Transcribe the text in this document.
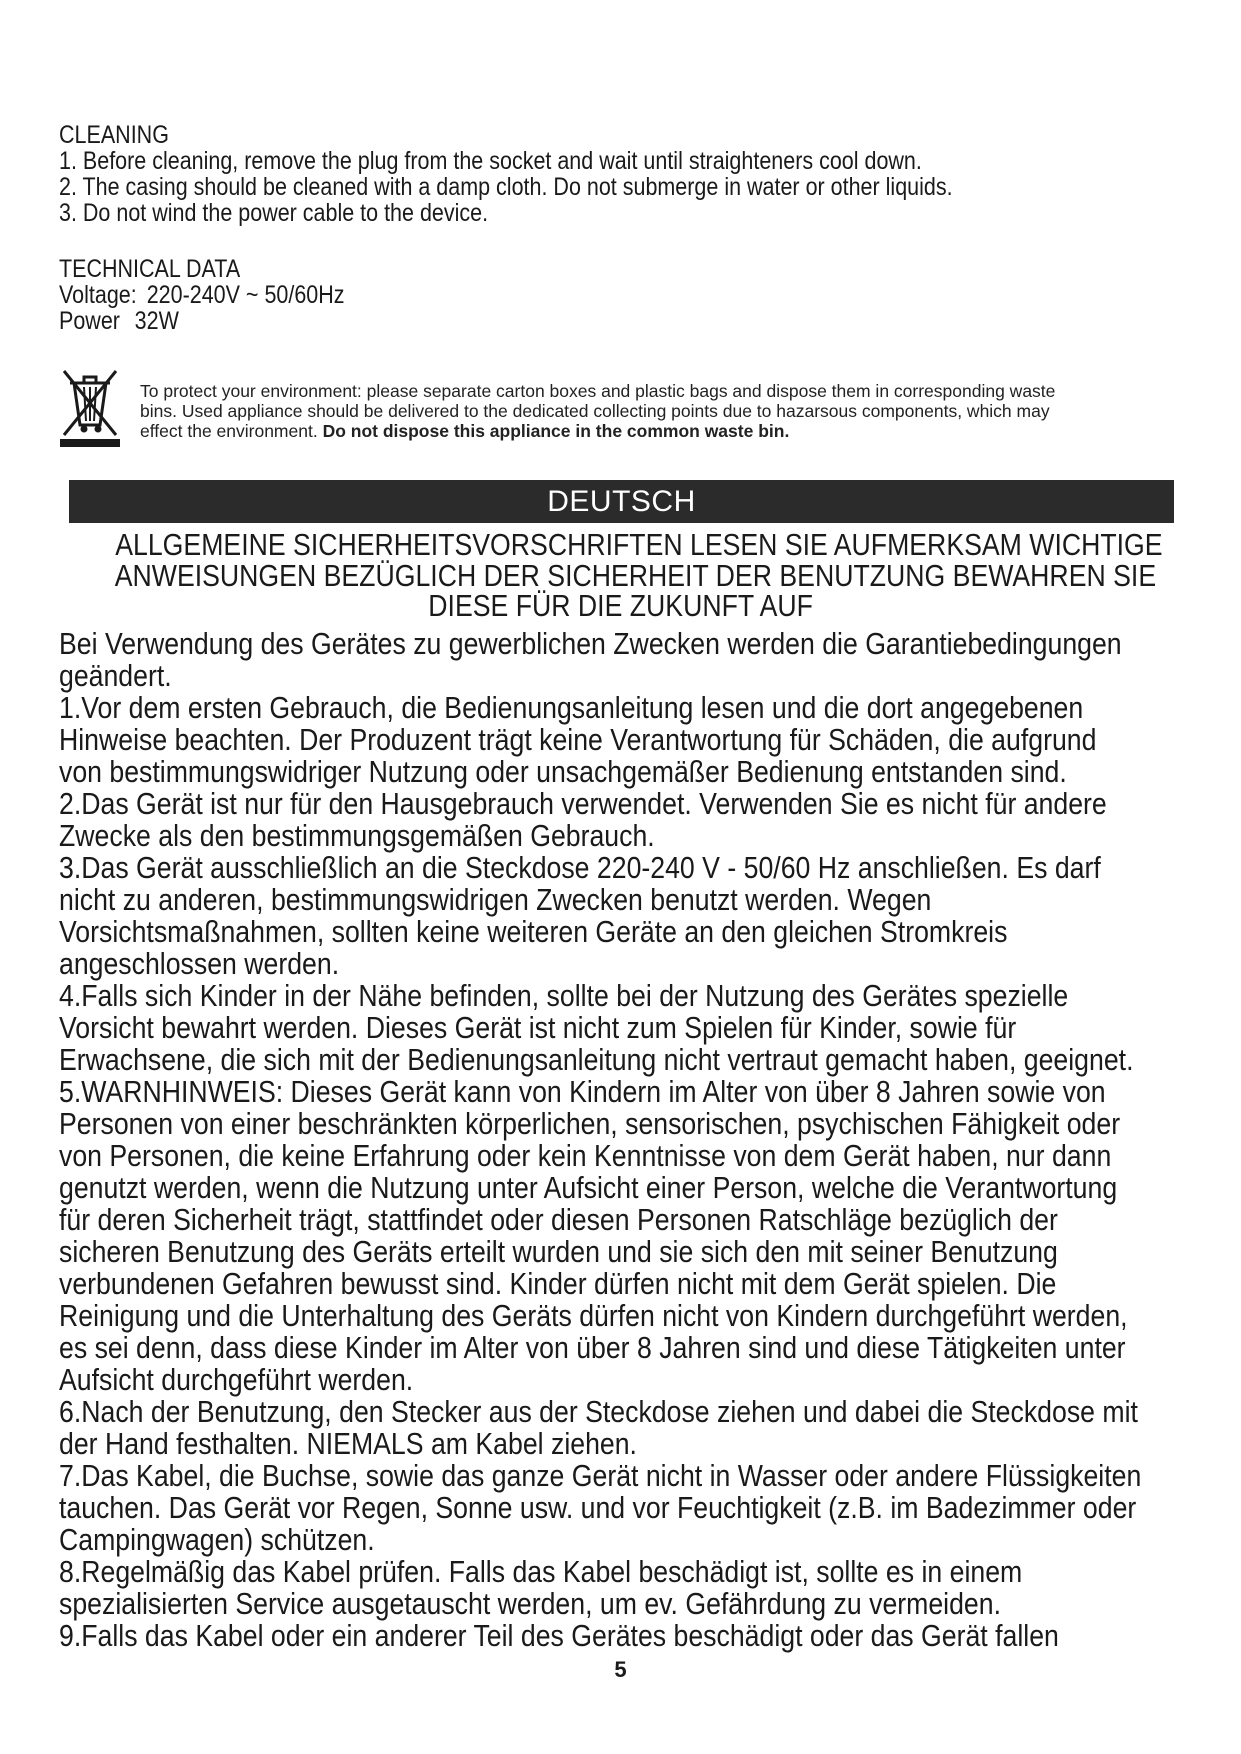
CLEANING
1. Before cleaning, remove the plug from the socket and wait until straighteners cool down.
2. The casing should be cleaned with a damp cloth. Do not submerge in water or other liquids.
3. Do not wind the power cable to the device.
TECHNICAL DATA
Voltage: 220-240V ~ 50/60Hz
Power 32W
To protect your environment: please separate carton boxes and plastic bags and dispose them in corresponding waste
bins. Used appliance should be delivered to the dedicated collecting points due to hazarsous components, which may
effect the environment. Do not dispose this appliance in the common waste bin.
DEUTSCH
ALLGEMEINE SICHERHEITSVORSCHRIFTEN LESEN SIE AUFMERKSAM WICHTIGE
ANWEISUNGEN BEZÜGLICH DER SICHERHEIT DER BENUTZUNG BEWAHREN SIE
DIESE FÜR DIE ZUKUNFT AUF
Bei Verwendung des Gerätes zu gewerblichen Zwecken werden die Garantiebedingungen
geändert.
1.Vor dem ersten Gebrauch, die Bedienungsanleitung lesen und die dort angegebenen
Hinweise beachten. Der Produzent trägt keine Verantwortung für Schäden, die aufgrund
von bestimmungswidriger Nutzung oder unsachgemäßer Bedienung entstanden sind.
2.Das Gerät ist nur für den Hausgebrauch verwendet. Verwenden Sie es nicht für andere
Zwecke als den bestimmungsgemäßen Gebrauch.
3.Das Gerät ausschließlich an die Steckdose 220-240 V - 50/60 Hz anschließen. Es darf
nicht zu anderen, bestimmungswidrigen Zwecken benutzt werden. Wegen
Vorsichtsmaßnahmen, sollten keine weiteren Geräte an den gleichen Stromkreis
angeschlossen werden.
4.Falls sich Kinder in der Nähe befinden, sollte bei der Nutzung des Gerätes spezielle
Vorsicht bewahrt werden. Dieses Gerät ist nicht zum Spielen für Kinder, sowie für
Erwachsene, die sich mit der Bedienungsanleitung nicht vertraut gemacht haben, geeignet.
5.WARNHINWEIS: Dieses Gerät kann von Kindern im Alter von über 8 Jahren sowie von
Personen von einer beschränkten körperlichen, sensorischen, psychischen Fähigkeit oder
von Personen, die keine Erfahrung oder kein Kenntnisse von dem Gerät haben, nur dann
genutzt werden, wenn die Nutzung unter Aufsicht einer Person, welche die Verantwortung
für deren Sicherheit trägt, stattfindet oder diesen Personen Ratschläge bezüglich der
sicheren Benutzung des Geräts erteilt wurden und sie sich den mit seiner Benutzung
verbundenen Gefahren bewusst sind. Kinder dürfen nicht mit dem Gerät spielen. Die
Reinigung und die Unterhaltung des Geräts dürfen nicht von Kindern durchgeführt werden,
es sei denn, dass diese Kinder im Alter von über 8 Jahren sind und diese Tätigkeiten unter
Aufsicht durchgeführt werden.
6.Nach der Benutzung, den Stecker aus der Steckdose ziehen und dabei die Steckdose mit
der Hand festhalten. NIEMALS am Kabel ziehen.
7.Das Kabel, die Buchse, sowie das ganze Gerät nicht in Wasser oder andere Flüssigkeiten
tauchen. Das Gerät vor Regen, Sonne usw. und vor Feuchtigkeit (z.B. im Badezimmer oder
Campingwagen) schützen.
8.Regelmäßig das Kabel prüfen. Falls das Kabel beschädigt ist, sollte es in einem
spezialisierten Service ausgetauscht werden, um ev. Gefährdung zu vermeiden.
9.Falls das Kabel oder ein anderer Teil des Gerätes beschädigt oder das Gerät fallen
5
